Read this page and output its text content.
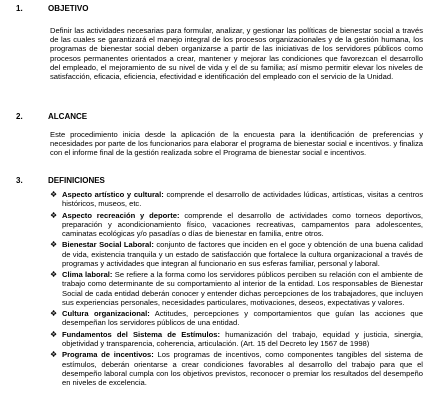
1.	OBJETIVO
Definir las actividades necesarias para formular, analizar, y gestionar las políticas de bienestar social a través de las cuales se garantizará el manejo integral de los procesos organizacionales y de la gestión humana, los programas de bienestar social deben organizarse a partir de las iniciativas de los servidores públicos como procesos permanentes orientados a crear, mantener y mejorar las condiciones que favorezcan el desarrollo del empleado, el mejoramiento de su nivel de vida y el de su familia; así mismo permitir elevar los niveles de satisfacción, eficacia, eficiencia, efectividad e identificación del empleado con el servicio de la Unidad.
2.	ALCANCE
Este procedimiento inicia desde la aplicación de la encuesta para la identificación de preferencias y necesidades por parte de los funcionarios para elaborar el programa de bienestar social e incentivos. y finaliza con el informe final de la gestión realizada sobre el Programa de bienestar social e incentivos.
3.	DEFINICIONES
❖ Aspecto artístico y cultural: comprende el desarrollo de actividades lúdicas, artísticas, visitas a centros históricos, museos, etc.
❖ Aspecto recreación y deporte: comprende el desarrollo de actividades como torneos deportivos, preparación y acondicionamiento físico, vacaciones recreativas, campamentos para adolescentes, caminatas ecológicas y/o pasadías o días de bienestar en familia, entre otros.
❖ Bienestar Social Laboral: conjunto de factores que inciden en el goce y obtención de una buena calidad de vida, existencia tranquila y un estado de satisfacción que fortalece la cultura organizacional a través de programas y actividades que integran al funcionario en sus esferas familiar, personal y laboral.
❖ Clima laboral: Se refiere a la forma como los servidores públicos perciben su relación con el ambiente de trabajo como determinante de su comportamiento al interior de la entidad. Los responsables de Bienestar Social de cada entidad deberán conocer y entender dichas percepciones de los trabajadores, que incluyen sus experiencias personales, necesidades particulares, motivaciones, deseos, expectativas y valores.
❖ Cultura organizacional: Actitudes, percepciones y comportamientos que guían las acciones que desempeñan los servidores públicos de una entidad.
❖ Fundamentos del Sistema de Estímulos: humanización del trabajo, equidad y justicia, sinergia, objetividad y transparencia, coherencia, articulación. (Art. 15 del Decreto ley 1567 de 1998)
❖ Programa de incentivos: Los programas de incentivos, como componentes tangibles del sistema de estímulos, deberán orientarse a crear condiciones favorables al desarrollo del trabajo para que el desempeño laboral cumpla con los objetivos previstos, reconocer o premiar los resultados del desempeño en niveles de excelencia.
